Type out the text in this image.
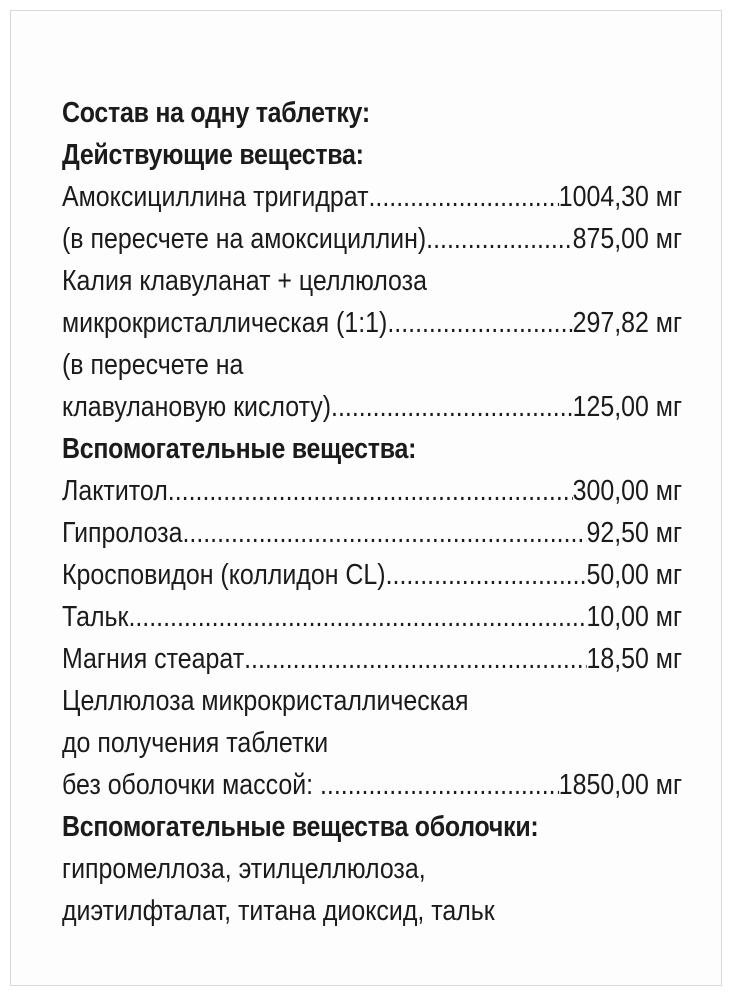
Состав на одну таблетку:
Действующие вещества:
Амоксициллина тригидрат .....	1004,30 мг
(в пересчете на амоксициллин) .....	875,00 мг
Калия клавуланат + целлюлоза
микрокристаллическая (1:1) .....	297,82 мг
(в пересчете на
клавулановую кислоту) .....	125,00 мг
Вспомогательные вещества:
Лактитол .....	300,00 мг
Гипролоза .....	92,50 мг
Кросповидон (коллидон CL) .....	50,00 мг
Тальк .....	10,00 мг
Магния стеарат .....	18,50 мг
Целлюлоза микрокристаллическая
до получения таблетки
без оболочки массой: .....	1850,00 мг
Вспомогательные вещества оболочки:
гипромеллоза, этилцеллюлоза,
диэтилфталат, титана диоксид, тальк
